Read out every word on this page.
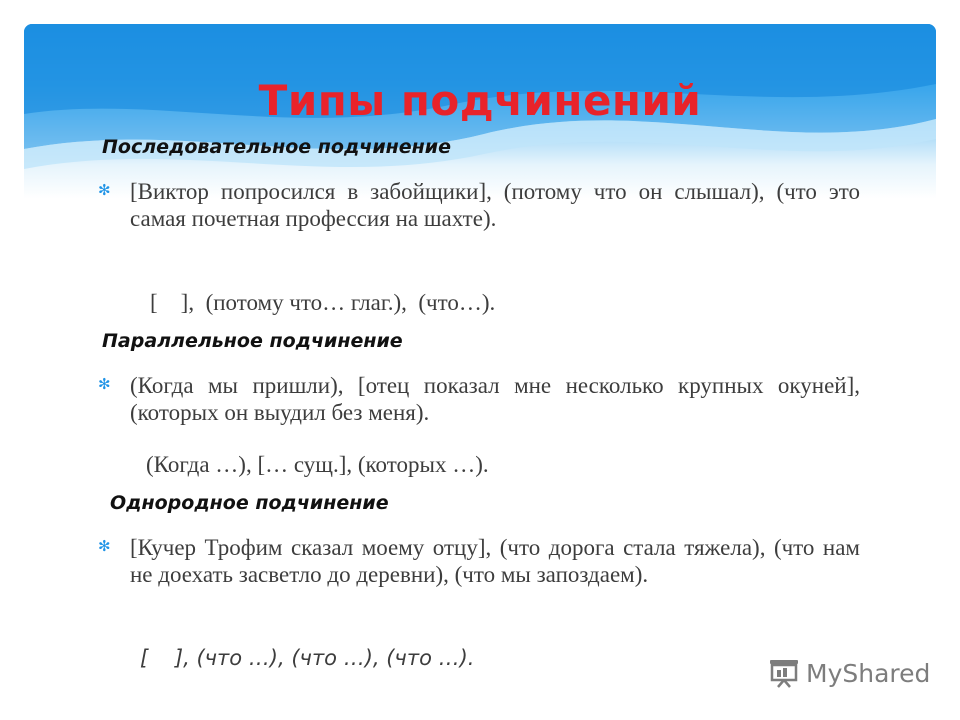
Типы подчинений
Последовательное подчинение
✻ [Виктор попросился в забойщики], (потому что он слышал), (что это самая почетная профессия на шахте).
[    ],  (потому что… глаг.),  (что…).
Параллельное подчинение
✻ (Когда мы пришли), [отец показал мне несколько крупных окуней], (которых он выудил без меня).
(Когда …), [… сущ.], (которых …).
Однородное подчинение
✻ [Кучер Трофим сказал моему отцу], (что дорога стала тяжела), (что нам не доехать засветло до деревни), (что мы запоздаем).
[    ], (что …), (что …), (что …).
MyShared
